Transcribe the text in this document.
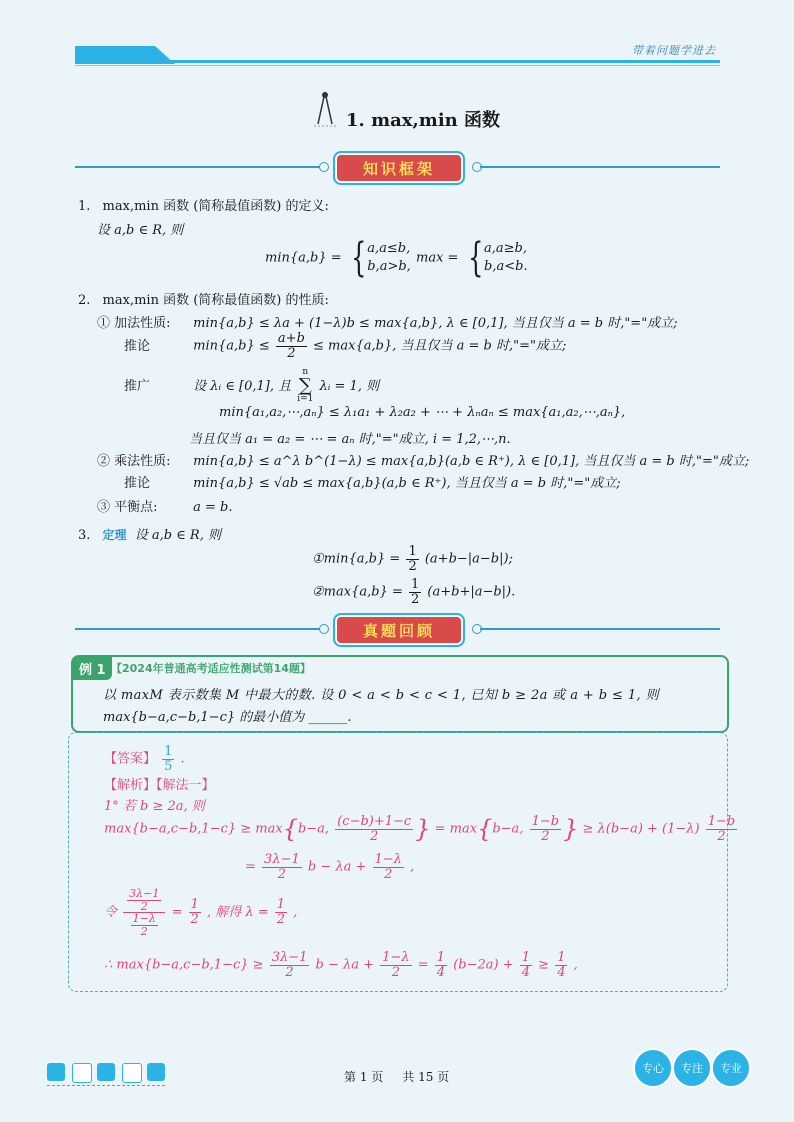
带着问题学进去
1. max,min 函数
知识框架
1. max,min 函数 (简称最值函数) 的定义:
设 a,b ∈ R, 则
min{a,b} = { a,a≤b,
b,a>b,
max = { a,a≥b,
b,a<b.
2. max,min 函数 (简称最值函数) 的性质:
① 加法性质: min{a,b} ≤ λa + (1−λ)b ≤ max{a,b}, λ ∈ [0,1], 当且仅当 a = b 时,"="成立;
推论	$\min\{a,b\} \le \frac{a+b}{2} \le \max\{a,b\}$, 当且仅当 a = b 时,"="成立;
推广	设 λᵢ ∈ [0,1], 且
n
∑
i=1
λᵢ = 1, 则
min{a₁,a₂,⋯,aₙ} ≤ λ₁a₁ + λ₂a₂ + ⋯ + λₙaₙ ≤ max{a₁,a₂,⋯,aₙ},
当且仅当 a₁ = a₂ = ⋯ = aₙ 时,"="成立, i = 1,2,⋯,n.
② 乘法性质: min{a,b} ≤ a^λ b^(1−λ) ≤ max{a,b}(a,b ∈ R⁺), λ ∈ [0,1], 当且仅当 a = b 时,"="成立;
推论	min{a,b} ≤ √ab ≤ max{a,b}(a,b ∈ R⁺), 当且仅当 a = b 时,"="成立;
③ 平衡点:	a = b.
3. 定理 设 a,b ∈ R, 则
①min{a,b} = $\frac{1}{2} (a+b-|a-b|)$;
②max{a,b} = $\frac{1}{2} (a+b+|a-b|)$.
真题回顾
例 1 【2024年普通高考适应性测试第14题】
以 maxM 表示数集 M 中最大的数. 设 0 < a < b < c < 1, 已知 b ≥ 2a 或 a + b ≤ 1, 则
max{b−a,c−b,1−c} 的最小值为 ______.
【答案】 $\frac{1}{5}$ .
【解析】【解法一】
1° 若 b ≥ 2a, 则
max{b−a,c−b,1−c} ≥ max{b−a, $\frac{(c-b)+1-c}{2}$ } = max{b−a, $\frac{1-b}{2}$ } ≥ $\lambda(b-a) + (1-\lambda) \frac{1-b}{2}$
= $\frac{3\lambda-1}{2}$ $b - \lambda a + \frac{1-\lambda}{2}$ ,
令 $\frac{\frac{3\lambda-1}{2}}{\frac{1-\lambda}{2}} = \frac{1}{2}$ , 解得 $\lambda = \frac{1}{2}$ ,
∴ $\max\{b-a,c-b,1-c\} \ge \frac{3\lambda-1}{2}$ $b - \lambda a + \frac{1-\lambda}{2} = \frac{1}{4} (b-2a) + \frac{1}{4} \ge \frac{1}{4}$ ,
第 1 页     共 15 页
专心	专注	专业
